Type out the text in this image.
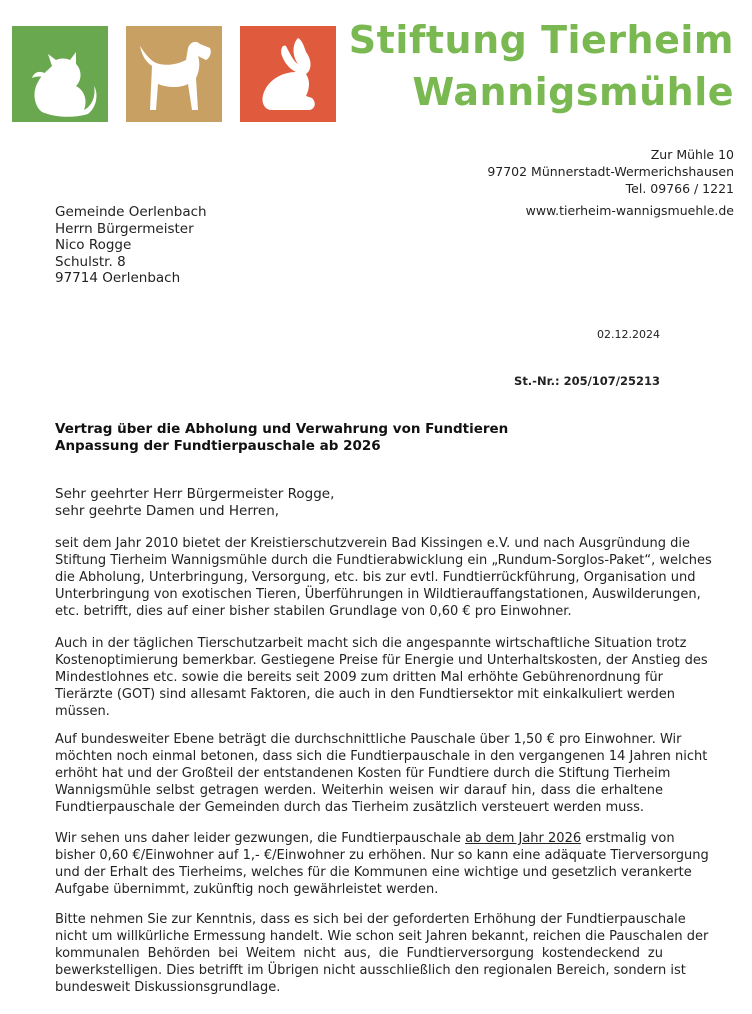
Stiftung Tierheim
Wannigsmühle
Zur Mühle 10
97702 Münnerstadt-Wermerichshausen
Tel. 09766 / 1221
www.tierheim-wannigsmuehle.de
Gemeinde Oerlenbach
Herrn Bürgermeister
Nico Rogge
Schulstr. 8
97714 Oerlenbach
02.12.2024
St.-Nr.: 205/107/25213
Vertrag über die Abholung und Verwahrung von Fundtieren
Anpassung der Fundtierpauschale ab 2026
Sehr geehrter Herr Bürgermeister Rogge,
sehr geehrte Damen und Herren,
seit dem Jahr 2010 bietet der Kreistierschutzverein Bad Kissingen e.V. und nach Ausgründung die
Stiftung Tierheim Wannigsmühle durch die Fundtierabwicklung ein „Rundum-Sorglos-Paket“, welches
die Abholung, Unterbringung, Versorgung, etc. bis zur evtl. Fundtierrückführung, Organisation und
Unterbringung von exotischen Tieren, Überführungen in Wildtierauffangstationen, Auswilderungen,
etc. betrifft, dies auf einer bisher stabilen Grundlage von 0,60 € pro Einwohner.
Auch in der täglichen Tierschutzarbeit macht sich die angespannte wirtschaftliche Situation trotz
Kostenoptimierung bemerkbar. Gestiegene Preise für Energie und Unterhaltskosten, der Anstieg des
Mindestlohnes etc. sowie die bereits seit 2009 zum dritten Mal erhöhte Gebührenordnung für
Tierärzte (GOT) sind allesamt Faktoren, die auch in den Fundtiersektor mit einkalkuliert werden
müssen.
Auf bundesweiter Ebene beträgt die durchschnittliche Pauschale über 1,50 € pro Einwohner. Wir
möchten noch einmal betonen, dass sich die Fundtierpauschale in den vergangenen 14 Jahren nicht
erhöht hat und der Großteil der entstandenen Kosten für Fundtiere durch die Stiftung Tierheim
Wannigsmühle selbst getragen werden. Weiterhin weisen wir darauf hin, dass die erhaltene
Fundtierpauschale der Gemeinden durch das Tierheim zusätzlich versteuert werden muss.
Wir sehen uns daher leider gezwungen, die Fundtierpauschale ab dem Jahr 2026 erstmalig von
bisher 0,60 €/Einwohner auf 1,- €/Einwohner zu erhöhen. Nur so kann eine adäquate Tierversorgung
und der Erhalt des Tierheims, welches für die Kommunen eine wichtige und gesetzlich verankerte
Aufgabe übernimmt, zukünftig noch gewährleistet werden.
Bitte nehmen Sie zur Kenntnis, dass es sich bei der geforderten Erhöhung der Fundtierpauschale
nicht um willkürliche Ermessung handelt. Wie schon seit Jahren bekannt, reichen die Pauschalen der
kommunalen Behörden bei Weitem nicht aus, die Fundtierversorgung kostendeckend zu
bewerkstelligen. Dies betrifft im Übrigen nicht ausschließlich den regionalen Bereich, sondern ist
bundesweit Diskussionsgrundlage.
